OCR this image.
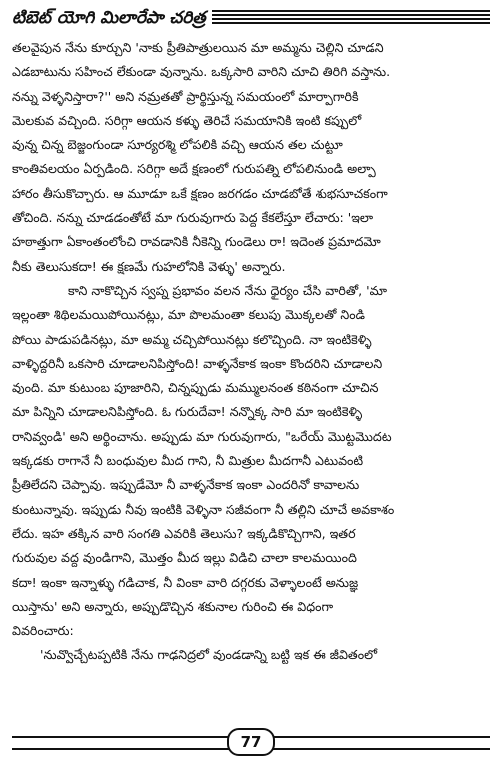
టిబెట్ యోగి మిలారేపా చరిత్ర
తలవైపున నేను కూర్చుని 'నాకు ప్రీతిపాత్రులయిన మా అమ్మను చెల్లిని చూడని
ఎడబాటును సహించ లేకుండా వున్నాను. ఒక్కసారి వారిని చూచి తిరిగి వస్తాను.
నన్ను వెళ్ళనిస్తారా?'' అని నమ్రతతో ప్రార్థిస్తున్న సమయంలో మార్పాగారికి
మెలకువ వచ్చింది. సరిగ్గా ఆయన కళ్ళు తెరిచే సమయానికి ఇంటి కప్పులో
వున్న చిన్న బెజ్జంగుండా సూర్యరశ్మి లోపలికి వచ్చి ఆయన తల చుట్టూ
కాంతివలయం ఏర్పడింది. సరిగ్గా అదే క్షణంలో గురుపత్ని లోపలినుండి అల్పా
హారం తీసుకొచ్చారు. ఆ మూడూ ఒకే క్షణం జరగడం చూడబోతే శుభసూచకంగా
తోచింది. నన్ను చూడడంతోటే మా గురువుగారు పెద్ద కేకలేస్తూ లేచారు: 'ఇలా
హఠాత్తుగా ఏకాంతంలోంచి రావడానికి నీకెన్ని గుండెలు రా! ఇదెంత ప్రమాదమో
నీకు తెలుసుకదా! ఈ క్షణమే గుహలోనికి వెళ్ళు' అన్నారు.
కాని నాకొచ్చిన స్వప్న ప్రభావం వలన నేను ధైర్యం చేసి వారితో, 'మా
ఇల్లంతా శిథిలమయిపోయినట్లు, మా పొలమంతా కలుపు మొక్కలతో నిండి
పోయి పాడుపడినట్లు, మా అమ్మ చచ్చిపోయినట్లు కలొచ్చింది. నా ఇంటికెళ్ళి
వాళ్ళిద్దరినీ ఒకసారి చూడాలనిపిస్తోంది! వాళ్ళనేకాక ఇంకా కొందరిని చూడాలని
వుంది. మా కుటుంబ పూజారిని, చిన్నప్పుడు మమ్ములనంత కఠినంగా చూచిన
మా పిన్నిని చూడాలనిపిస్తోంది. ఓ గురుదేవా! నన్నొక్క సారి మా ఇంటికెళ్ళి
రానివ్వండి' అని అర్థించాను. అప్పుడు మా గురువుగారు, "ఒరేయ్ మొట్టమొదట
ఇక్కడకు రాగానే నీ బంధువుల మీద గాని, నీ మిత్రుల మీదగానీ ఎటువంటి
ప్రీతిలేదని చెప్పావు. ఇప్పుడేమో నీ వాళ్ళనేకాక ఇంకా ఎందరినో కావాలను
కుంటున్నావు. ఇప్పుడు నీవు ఇంటికి వెళ్ళినా సజీవంగా నీ తల్లిని చూచే అవకాశం
లేదు. ఇహ తక్కిన వారి సంగతి ఎవరికి తెలుసు? ఇక్కడికొచ్చిగాని, ఇతర
గురువుల వద్ద వుండిగాని, మొత్తం మీద ఇల్లు విడిచి చాలా కాలమయింది
కదా! ఇంకా ఇన్నాళ్ళు గడిచాక, నీ వింకా వారి దగ్గరకు వెళ్ళాలంటే అనుజ్ఞ
యిస్తాను' అని అన్నారు, అప్పుడొచ్చిన శకునాల గురించి ఈ విధంగా
వివరించారు:
'నువ్వొచ్చేటప్పటికి నేను గాఢనిద్రలో వుండడాన్ని బట్టి ఇక ఈ జీవితంలో
77
